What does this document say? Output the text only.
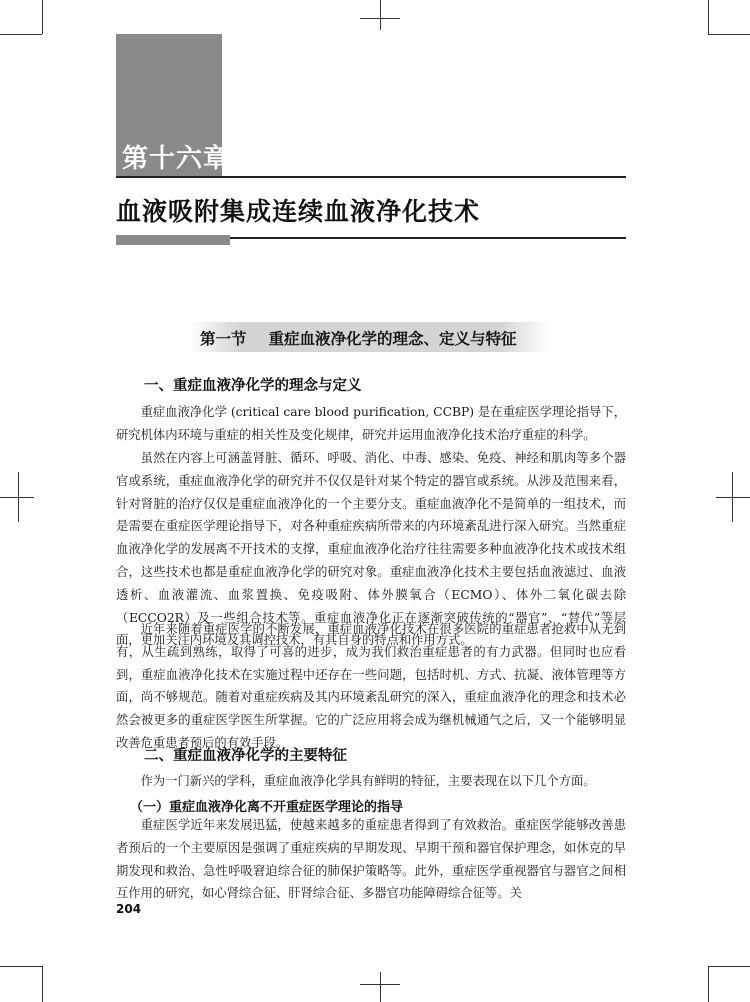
第十六章
血液吸附集成连续血液净化技术
第一节 重症血液净化学的理念、定义与特征
一、重症血液净化学的理念与定义

重症血液净化学 (critical care blood purification, CCBP) 是在重症医学理论指导下，研究机体内环境与重症的相关性及变化规律，研究并运用血液净化技术治疗重症的科学。

虽然在内容上可涵盖肾脏、循环、呼吸、消化、中毒、感染、免疫、神经和肌肉等多个器官或系统，重症血液净化学的研究并不仅仅是针对某个特定的器官或系统。从涉及范围来看，针对肾脏的治疗仅仅是重症血液净化的一个主要分支。重症血液净化不是简单的一组技术，而是需要在重症医学理论指导下，对各种重症疾病所带来的内环境紊乱进行深入研究。当然重症血液净化学的发展离不开技术的支撑，重症血液净化治疗往往需要多种血液净化技术或技术组合，这些技术也都是重症血液净化学的研究对象。重症血液净化技术主要包括血液滤过、血液透析、血液灌流、血浆置换、免疫吸附、体外膜氧合（ECMO）、体外二氧化碳去除（ECCO2R）及一些组合技术等。重症血液净化正在逐渐突破传统的“器官”、“替代”等层面，更加关注内环境及其调控技术，有其自身的特点和作用方式。

近年来随着重症医学的不断发展，重症血液净化技术在很多医院的重症患者抢救中从无到有，从生疏到熟练，取得了可喜的进步，成为我们救治重症患者的有力武器。但同时也应看到，重症血液净化技术在实施过程中还存在一些问题，包括时机、方式、抗凝、液体管理等方面，尚不够规范。随着对重症疾病及其内环境紊乱研究的深入，重症血液净化的理念和技术必然会被更多的重症医学医生所掌握。它的广泛应用将会成为继机械通气之后，又一个能够明显改善危重患者预后的有效手段。

二、重症血液净化学的主要特征

作为一门新兴的学科，重症血液净化学具有鲜明的特征，主要表现在以下几个方面。

（一）重症血液净化离不开重症医学理论的指导

重症医学近年来发展迅猛，使越来越多的重症患者得到了有效救治。重症医学能够改善患者预后的一个主要原因是强调了重症疾病的早期发现、早期干预和器官保护理念，如休克的早期发现和救治、急性呼吸窘迫综合征的肺保护策略等。此外，重症医学重视器官与器官之间相互作用的研究，如心肾综合征、肝肾综合征、多器官功能障碍综合征等。关

204
